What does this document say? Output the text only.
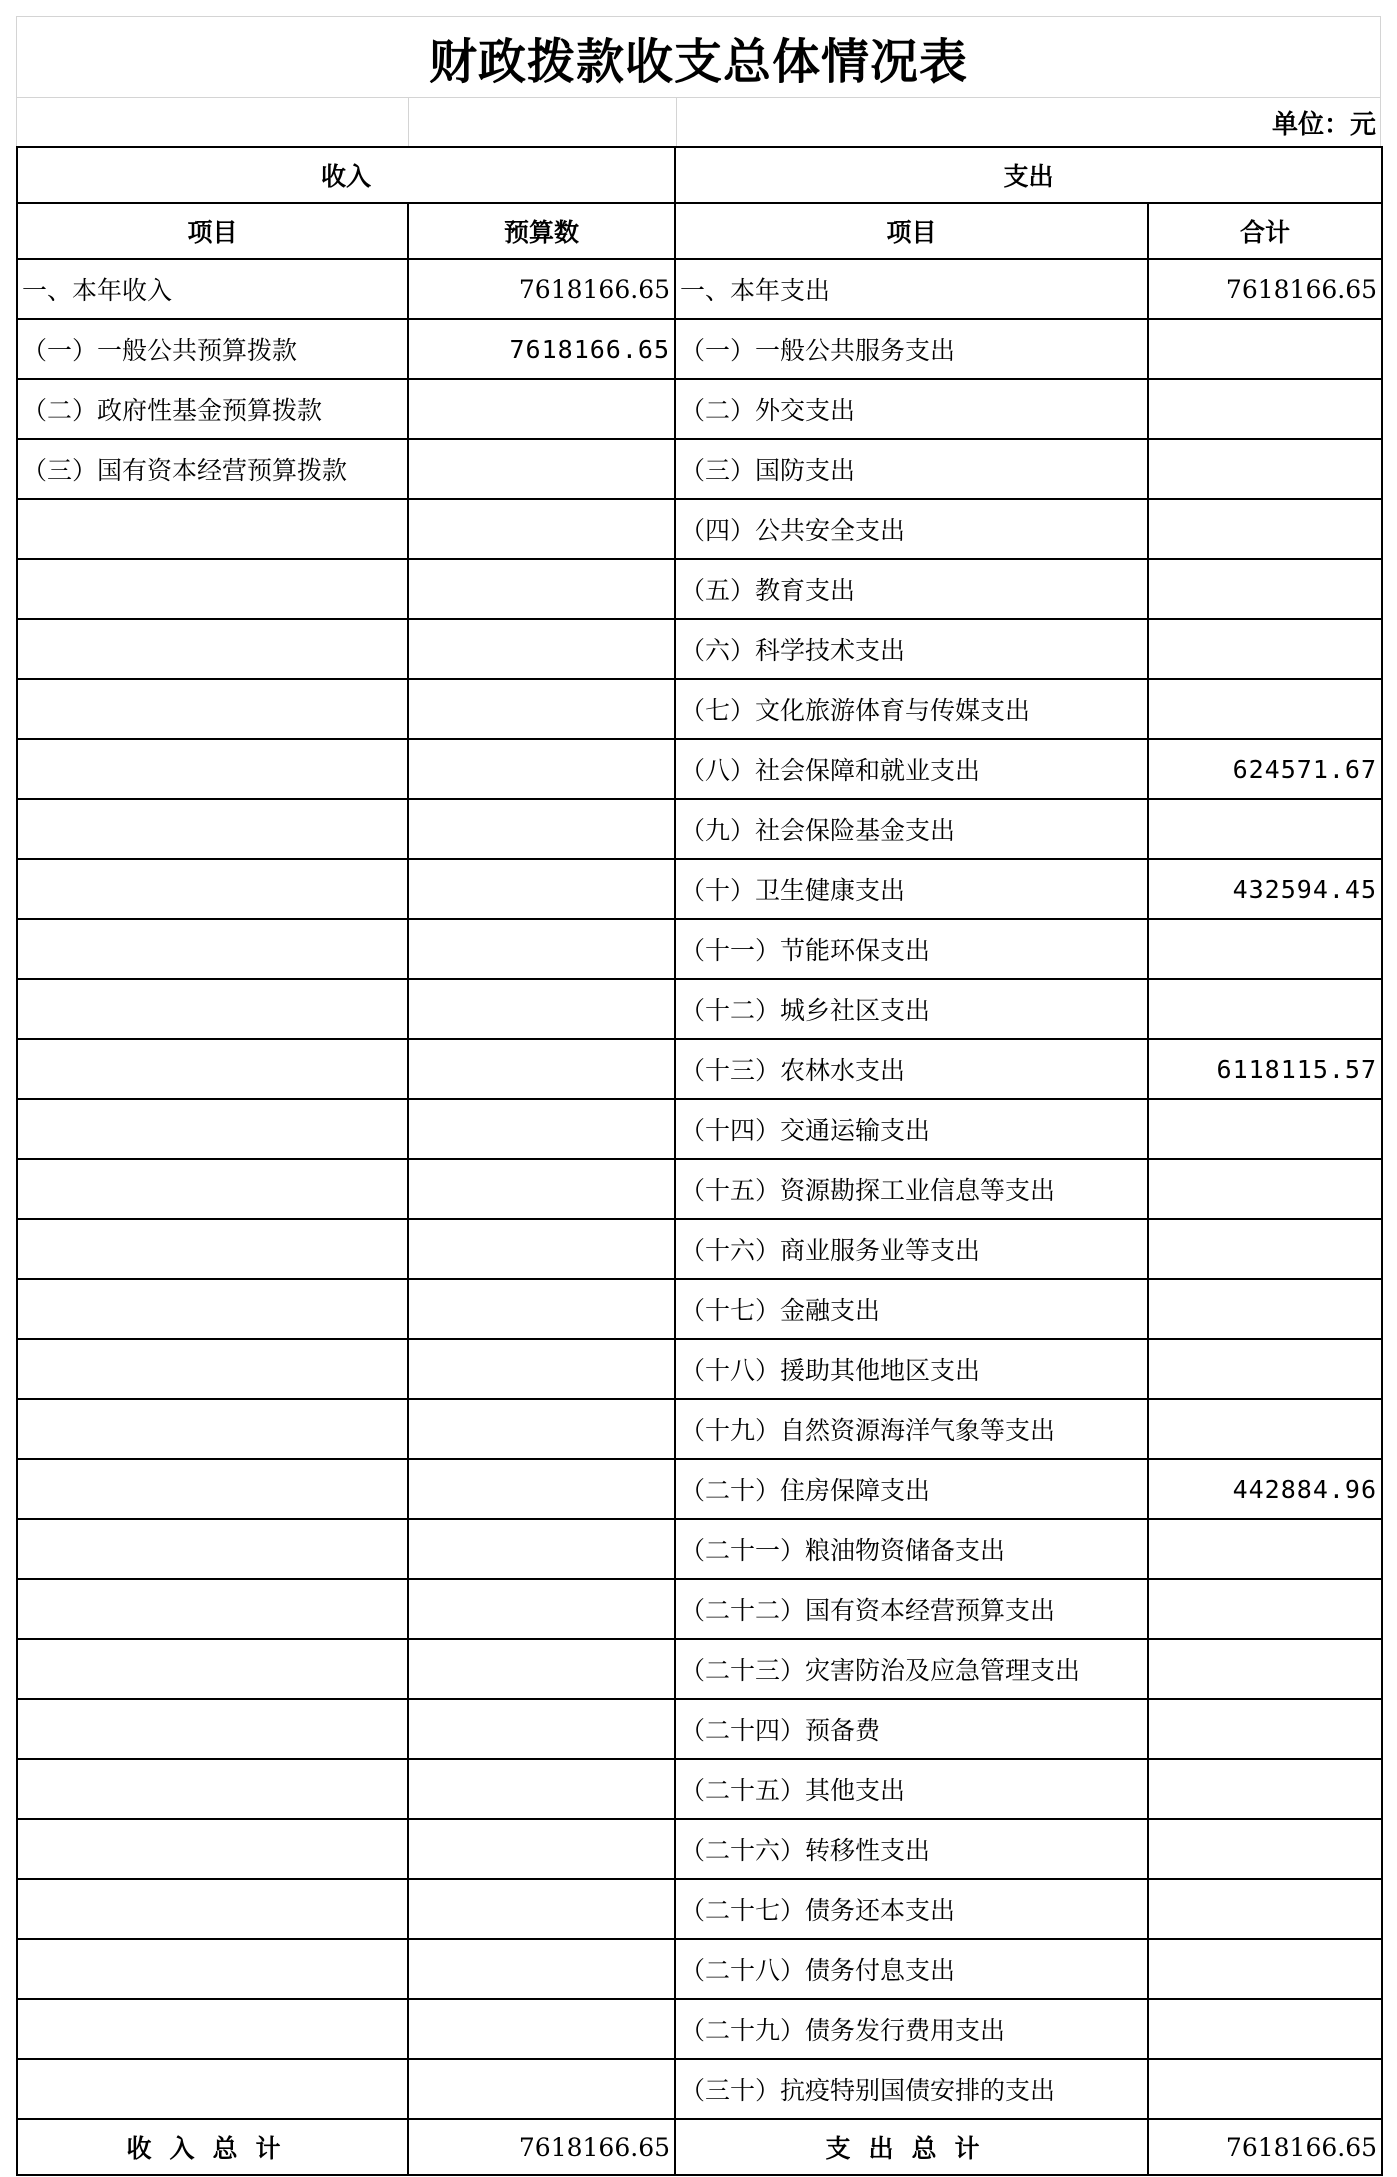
财政拨款收支总体情况表
单位：元
收入		支出	
项目	预算数	项目	合计
一、本年收入	7618166.65	一、本年支出	7618166.65
（一）一般公共预算拨款	7618166.65	（一）一般公共服务支出	
（二）政府性基金预算拨款		（二）外交支出	
（三）国有资本经营预算拨款		（三）国防支出	
		（四）公共安全支出	
		（五）教育支出	
		（六）科学技术支出	
		（七）文化旅游体育与传媒支出	
		（八）社会保障和就业支出	624571.67
		（九）社会保险基金支出	
		（十）卫生健康支出	432594.45
		（十一）节能环保支出	
		（十二）城乡社区支出	
		（十三）农林水支出	6118115.57
		（十四）交通运输支出	
		（十五）资源勘探工业信息等支出	
		（十六）商业服务业等支出	
		（十七）金融支出	
		（十八）援助其他地区支出	
		（十九）自然资源海洋气象等支出	
		（二十）住房保障支出	442884.96
		（二十一）粮油物资储备支出	
		（二十二）国有资本经营预算支出	
		（二十三）灾害防治及应急管理支出	
		（二十四）预备费	
		（二十五）其他支出	
		（二十六）转移性支出	
		（二十七）债务还本支出	
		（二十八）债务付息支出	
		（二十九）债务发行费用支出	
		（三十）抗疫特别国债安排的支出	
收入总计	7618166.65	支出总计	7618166.65
